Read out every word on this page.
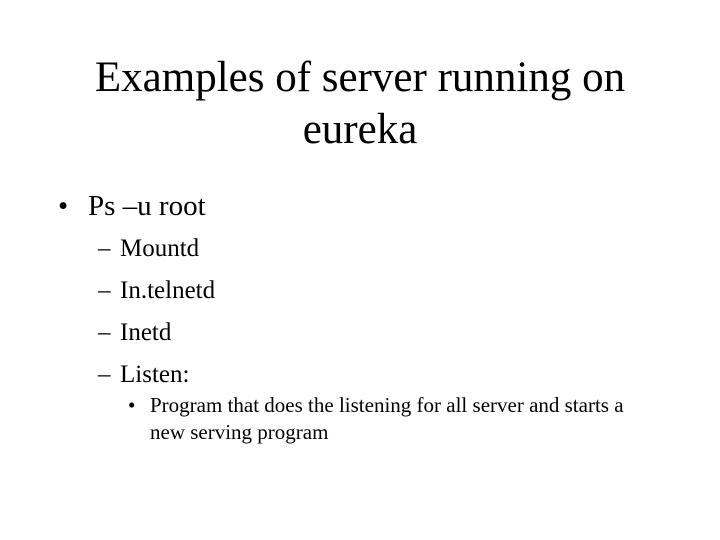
Examples of server running on eureka
• Ps –u root
– Mountd
– In.telnetd
– Inetd
– Listen:
• Program that does the listening for all server and starts a new serving program
